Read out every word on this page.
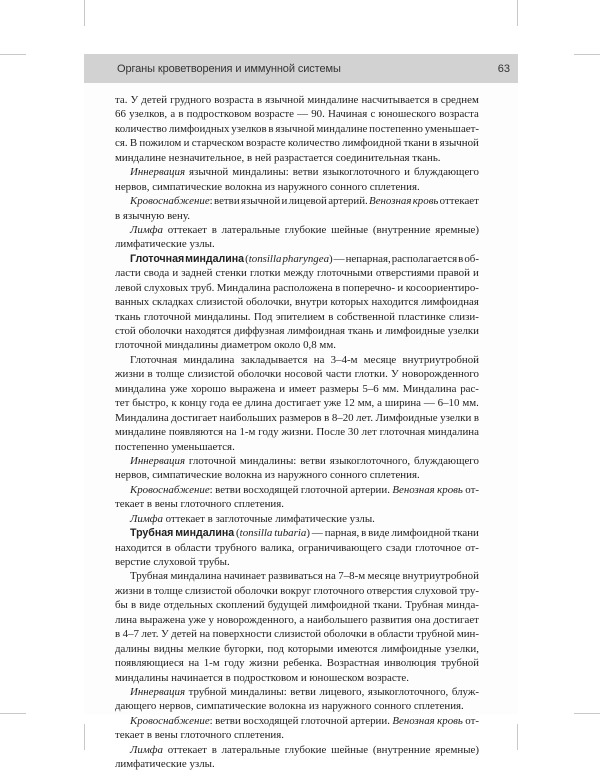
Органы кроветворения и иммунной системы	63
та. У детей грудного возраста в язычной миндалине насчитывается в среднем
66 узелков, а в подростковом возрасте — 90. Начиная с юношеского возраста
количество лимфоидных узелков в язычной миндалине постепенно уменьшает-
ся. В пожилом и старческом возрасте количество лимфоидной ткани в язычной
миндалине незначительное, в ней разрастается соединительная ткань.
Иннервация язычной миндалины: ветви языкоглоточного и блуждающего
нервов, симпатические волокна из наружного сонного сплетения.
Кровоснабжение: ветви язычной и лицевой артерий. Венозная кровь оттекает
в язычную вену.
Лимфа оттекает в латеральные глубокие шейные (внутренние яремные)
лимфатические узлы.
Глоточная миндалина (tonsilla pharyngea) — непарная, располагается в об-
ласти свода и задней стенки глотки между глоточными отверстиями правой и
левой слуховых труб. Миндалина расположена в поперечно- и косоориентиро-
ванных складках слизистой оболочки, внутри которых находится лимфоидная
ткань глоточной миндалины. Под эпителием в собственной пластинке слизи-
стой оболочки находятся диффузная лимфоидная ткань и лимфоидные узелки
глоточной миндалины диаметром около 0,8 мм.
Глоточная миндалина закладывается на 3–4-м месяце внутриутробной
жизни в толще слизистой оболочки носовой части глотки. У новорожденного
миндалина уже хорошо выражена и имеет размеры 5–6 мм. Миндалина рас-
тет быстро, к концу года ее длина достигает уже 12 мм, а ширина — 6–10 мм.
Миндалина достигает наибольших размеров в 8–20 лет. Лимфоидные узелки в
миндалине появляются на 1-м году жизни. После 30 лет глоточная миндалина
постепенно уменьшается.
Иннервация глоточной миндалины: ветви языкоглоточного, блуждающего
нервов, симпатические волокна из наружного сонного сплетения.
Кровоснабжение: ветви восходящей глоточной артерии. Венозная кровь от-
текает в вены глоточного сплетения.
Лимфа оттекает в заглоточные лимфатические узлы.
Трубная миндалина (tonsilla tubaria) — парная, в виде лимфоидной ткани
находится в области трубного валика, ограничивающего сзади глоточное от-
верстие слуховой трубы.
Трубная миндалина начинает развиваться на 7–8-м месяце внутриутробной
жизни в толще слизистой оболочки вокруг глоточного отверстия слуховой тру-
бы в виде отдельных скоплений будущей лимфоидной ткани. Трубная минда-
лина выражена уже у новорожденного, а наибольшего развития она достигает
в 4–7 лет. У детей на поверхности слизистой оболочки в области трубной мин-
далины видны мелкие бугорки, под которыми имеются лимфоидные узелки,
появляющиеся на 1-м году жизни ребенка. Возрастная инволюция трубной
миндалины начинается в подростковом и юношеском возрасте.
Иннервация трубной миндалины: ветви лицевого, языкоглоточного, блуж-
дающего нервов, симпатические волокна из наружного сонного сплетения.
Кровоснабжение: ветви восходящей глоточной артерии. Венозная кровь от-
текает в вены глоточного сплетения.
Лимфа оттекает в латеральные глубокие шейные (внутренние яремные)
лимфатические узлы.
